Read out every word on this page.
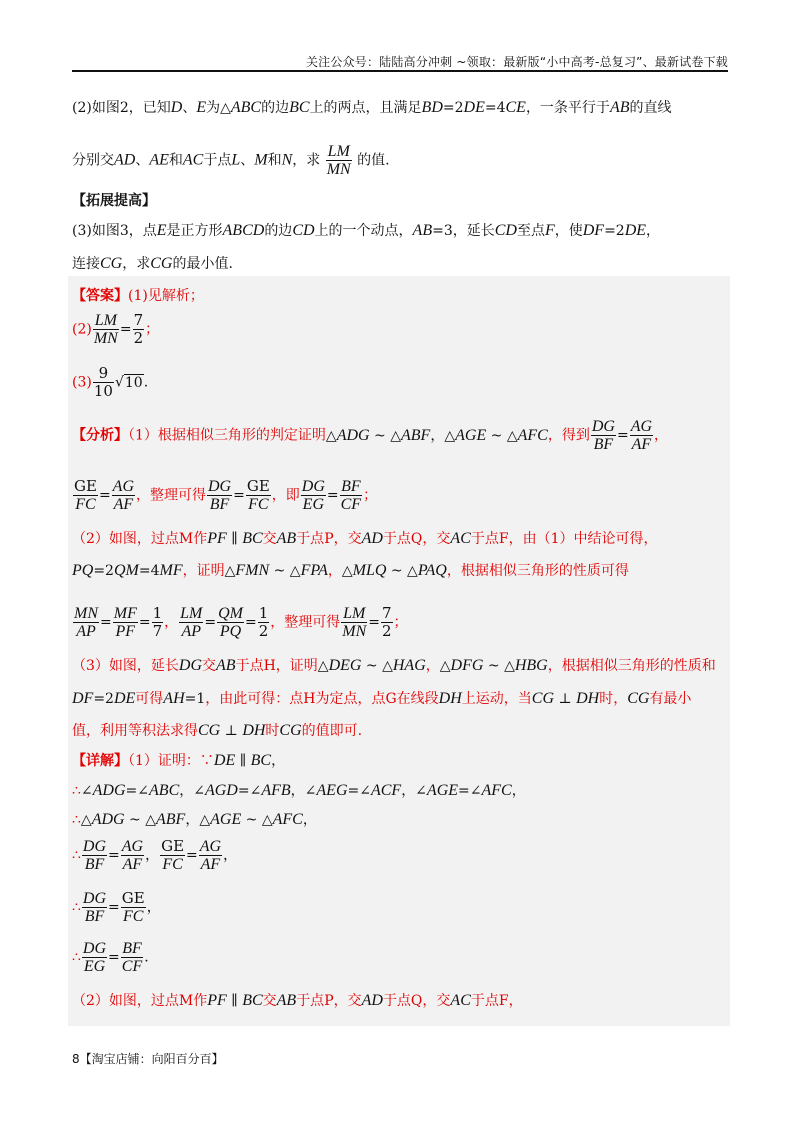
关注公众号：陆陆高分冲刺 ~领取：最新版“小中高考-总复习”、最新试卷下载
(2)如图2，已知D、E为△ABC的边BC上的两点，且满足BD=2DE=4CE，一条平行于AB的直线
分别交AD、AE和AC于点L、M和N，求 $\frac{LM}{MN}$ 的值.
【拓展提高】
(3)如图3，点E是正方形ABCD的边CD上的一个动点，AB=3，延长CD至点F，使DF=2DE，
连接CG，求CG的最小值.
【答案】(1)见解析；
$(2) \frac{LM}{MN} = \frac{7}{2}$ ；
$(3) \frac{9}{10} √10$.
【分析】（1）根据相似三角形的判定证明△ADG ~ △ABF，△AGE ~ △AFC，得到 $\frac{DG}{BF} = \frac{AG}{AF}$ ，
$\frac{GE}{FC} = \frac{AG}{AF}$ ，整理可得 $\frac{DG}{BF} = \frac{GE}{FC}$ ，即 $\frac{DG}{EG} = \frac{BF}{CF}$ ；
（2）如图，过点M作PF ∥ BC交AB于点P，交AD于点Q，交AC于点F，由（1）中结论可得，
PQ=2QM=4MF，证明△FMN ~ △FPA，△MLQ ~ △PAQ，根据相似三角形的性质可得
$\frac{MN}{AP} = \frac{MF}{PF} = \frac{1}{7}$ ， $\frac{LM}{AP} = \frac{QM}{PQ} = \frac{1}{2}$ ，整理可得 $\frac{LM}{MN} = \frac{7}{2}$ ；
（3）如图，延长DG交AB于点H，证明△DEG ~ △HAG，△DFG ~ △HBG，根据相似三角形的性质和
DF=2DE可得AH=1，由此可得：点H为定点，点G在线段DH上运动，当CG ⊥ DH时，CG有最小
值，利用等积法求得CG ⊥ DH时CG的值即可.
【详解】（1）证明：∵DE ∥ BC，
∴∠ADG=∠ABC，∠AGD=∠AFB，∠AEG=∠ACF，∠AGE=∠AFC，
∴△ADG ~ △ABF，△AGE ~ △AFC，
∴ $\frac{DG}{BF} = \frac{AG}{AF}$ ， $\frac{GE}{FC} = \frac{AG}{AF}$ ，
∴ $\frac{DG}{BF} = \frac{GE}{FC}$ ，
∴ $\frac{DG}{EG} = \frac{BF}{CF}$ .
（2）如图，过点M作PF ∥ BC交AB于点P，交AD于点Q，交AC于点F，
8【淘宝店铺：向阳百分百】
